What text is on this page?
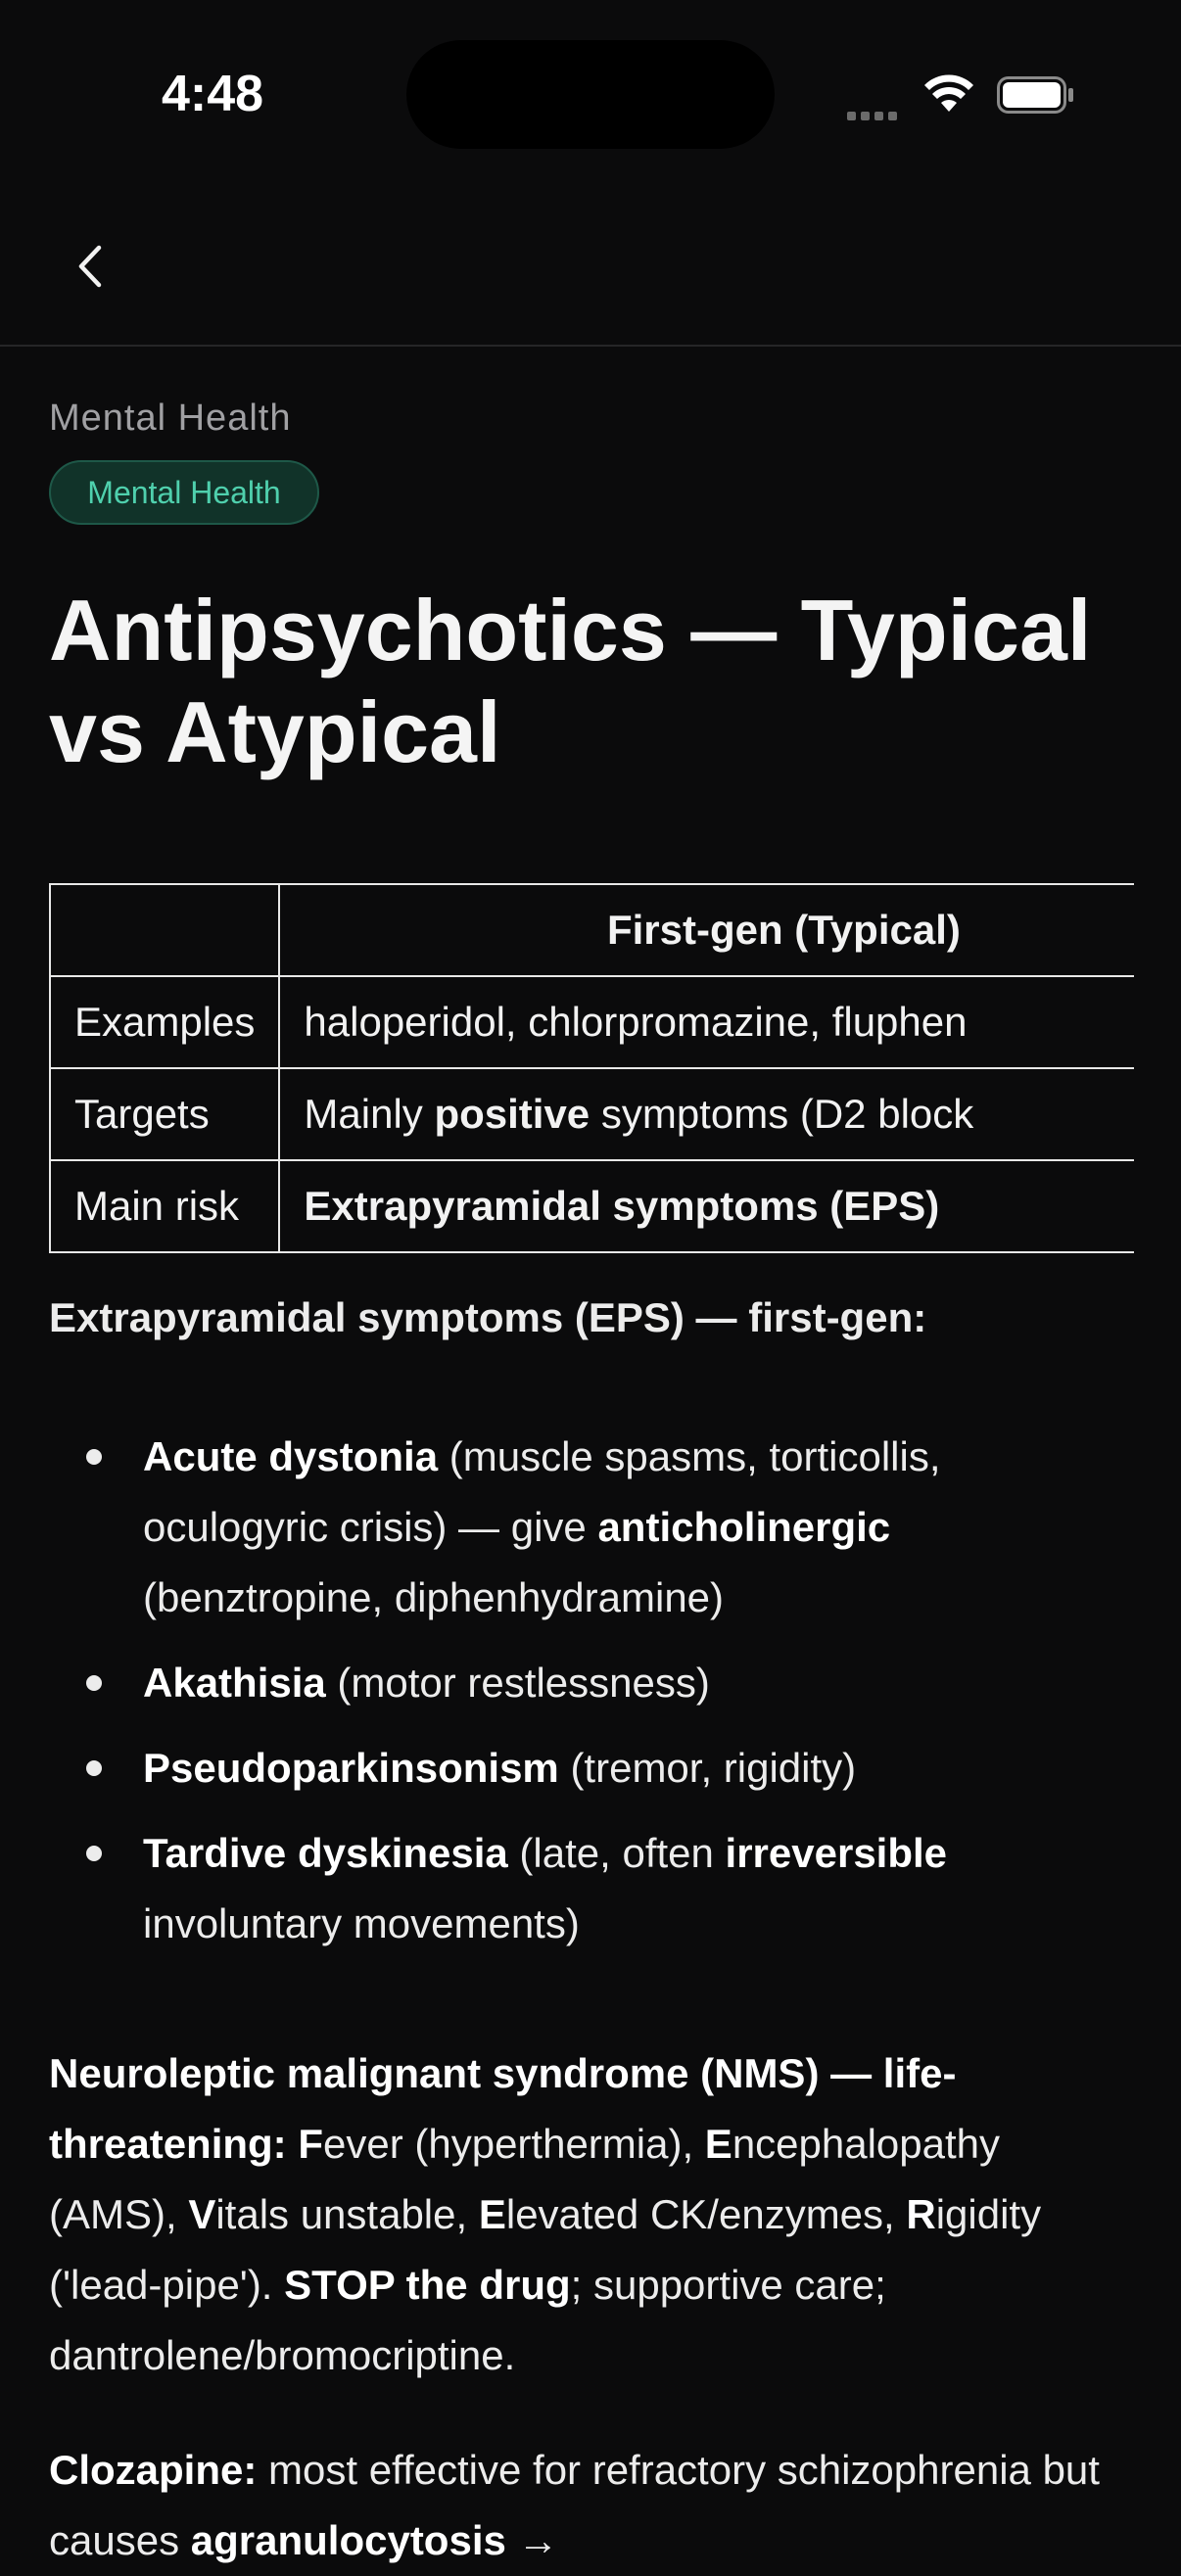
4:48
Mental Health
Mental Health
Antipsychotics — Typical vs Atypical
	First-gen (Typical)
Examples	haloperidol, chlorpromazine, fluphen
Targets	Mainly positive symptoms (D2 block
Main risk	Extrapyramidal symptoms (EPS)

Extrapyramidal symptoms (EPS) — first-gen:

Acute dystonia (muscle spasms, torticollis, oculogyric crisis) — give anticholinergic (benztropine, diphenhydramine)
Akathisia (motor restlessness)
Pseudoparkinsonism (tremor, rigidity)
Tardive dyskinesia (late, often irreversible involuntary movements)

Neuroleptic malignant syndrome (NMS) — life-threatening: Fever (hyperthermia), Encephalopathy (AMS), Vitals unstable, Elevated CK/enzymes, Rigidity ('lead-pipe'). STOP the drug; supportive care; dantrolene/bromocriptine.

Clozapine: most effective for refractory schizophrenia but causes agranulocytosis →
